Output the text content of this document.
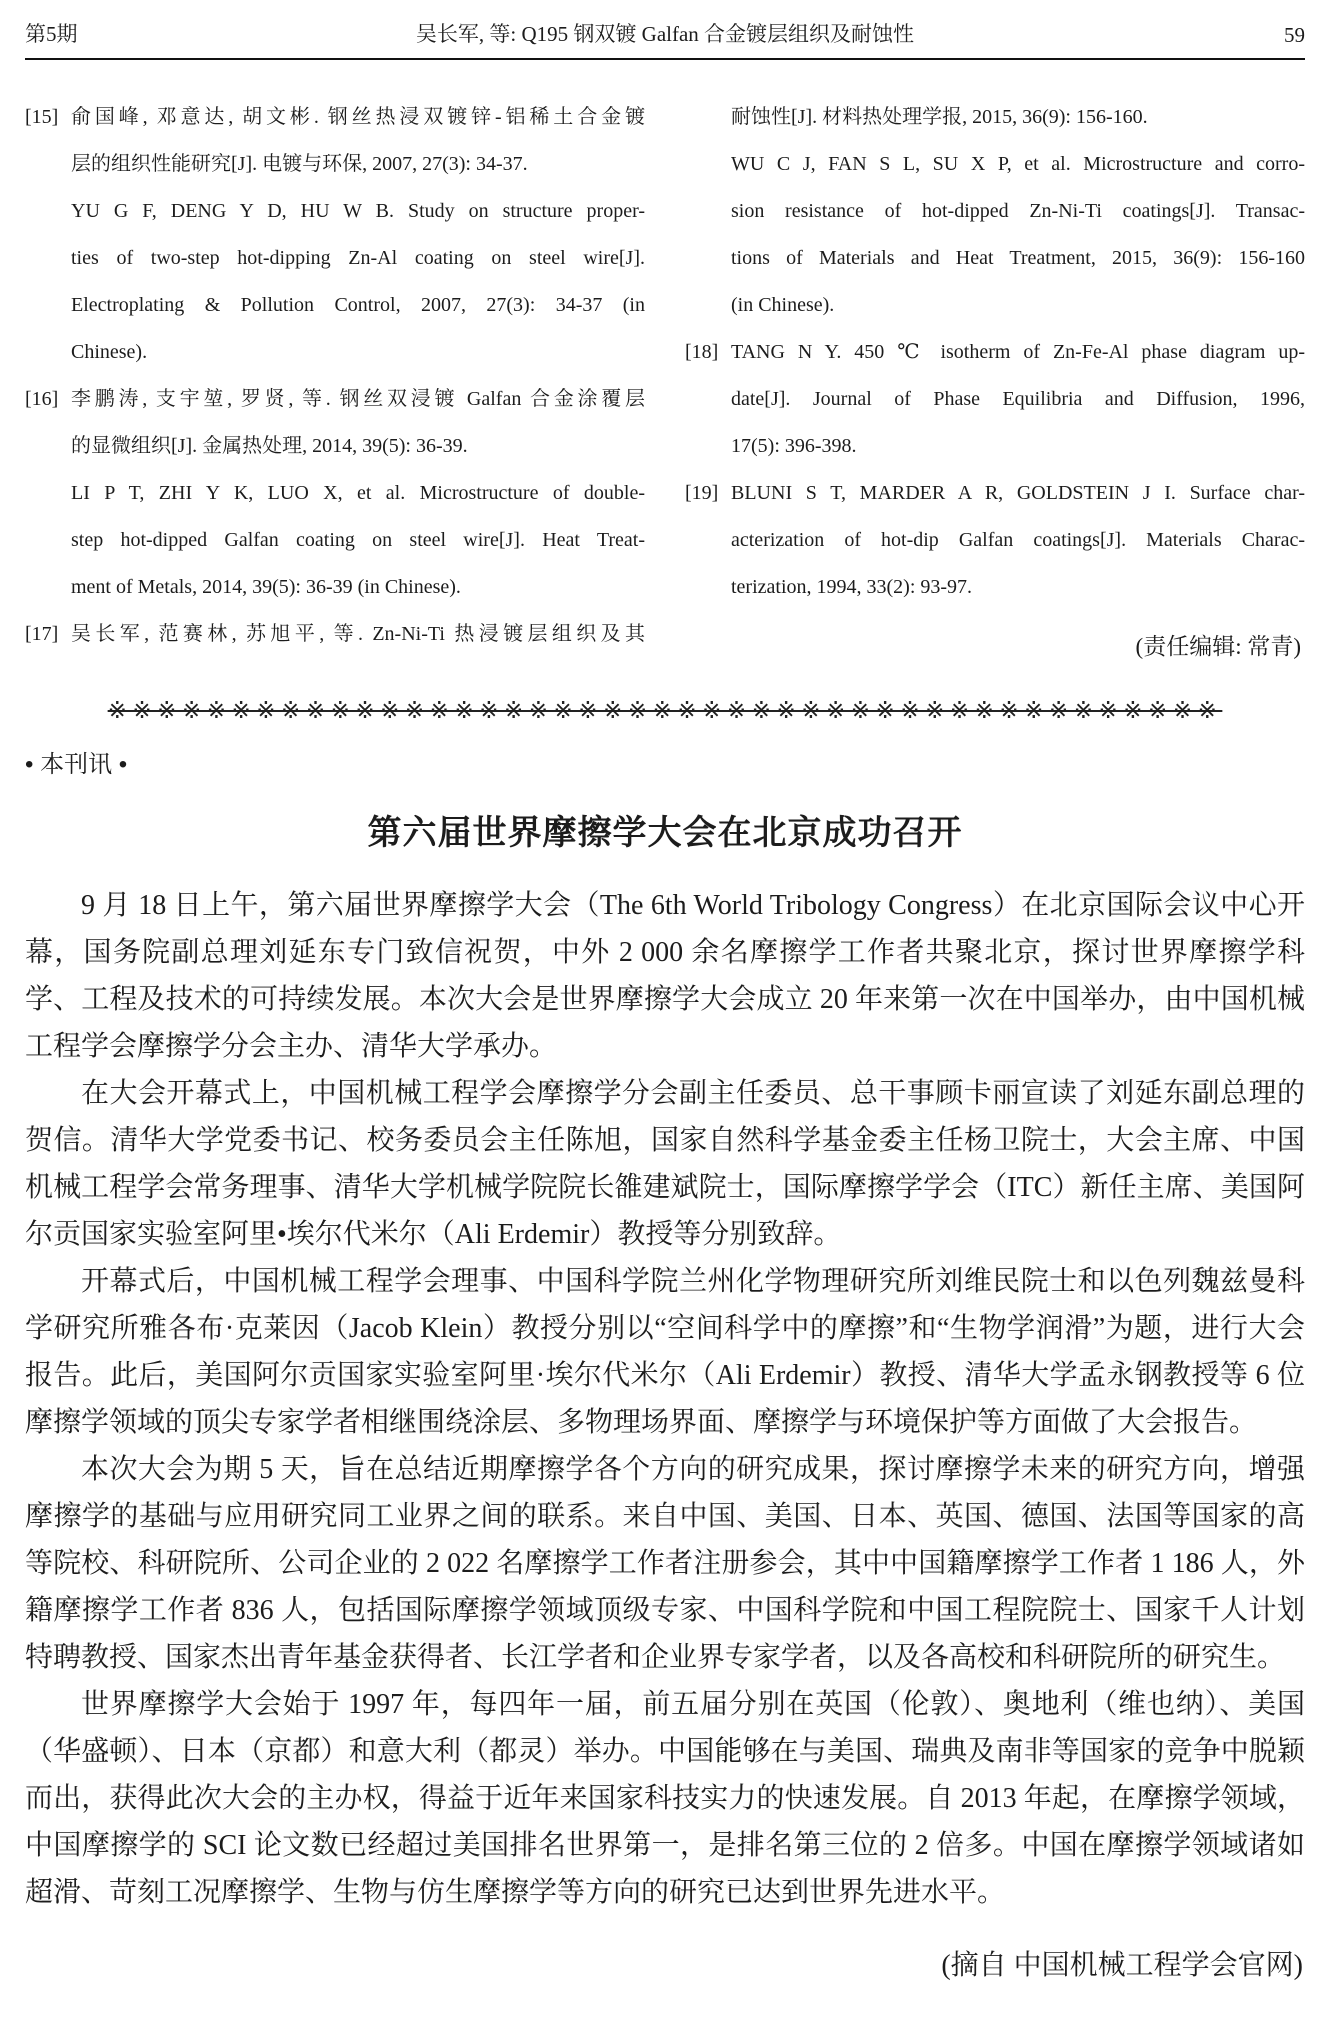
第5期	吴长军, 等: Q195 钢双镀 Galfan 合金镀层组织及耐蚀性	59
[15] 俞国峰, 邓意达, 胡文彬. 钢丝热浸双镀锌-铝稀土合金镀
层的组织性能研究[J]. 电镀与环保, 2007, 27(3): 34-37.
YU G F, DENG Y D, HU W B. Study on structure proper-
ties of two-step hot-dipping Zn-Al coating on steel wire[J].
Electroplating & Pollution Control, 2007, 27(3): 34-37 (in
Chinese).
[16] 李鹏涛, 支宇堃, 罗贤, 等. 钢丝双浸镀 Galfan 合金涂覆层
的显微组织[J]. 金属热处理, 2014, 39(5): 36-39.
LI P T, ZHI Y K, LUO X, et al. Microstructure of double-
step hot-dipped Galfan coating on steel wire[J]. Heat Treat-
ment of Metals, 2014, 39(5): 36-39 (in Chinese).
[17] 吴长军, 范赛林, 苏旭平, 等. Zn-Ni-Ti 热浸镀层组织及其
耐蚀性[J]. 材料热处理学报, 2015, 36(9): 156-160.
WU C J, FAN S L, SU X P, et al. Microstructure and corro-
sion resistance of hot-dipped Zn-Ni-Ti coatings[J]. Transac-
tions of Materials and Heat Treatment, 2015, 36(9): 156-160
(in Chinese).
[18] TANG N Y. 450 ℃ isotherm of Zn-Fe-Al phase diagram up-
date[J]. Journal of Phase Equilibria and Diffusion, 1996,
17(5): 396-398.
[19] BLUNI S T, MARDER A R, GOLDSTEIN J I. Surface char-
acterization of hot-dip Galfan coatings[J]. Materials Charac-
terization, 1994, 33(2): 93-97.
(责任编辑: 常青)
※※※※※※※※※※※※※※※※※※※※※※※※※※※※※※※※※※※※※※※※※※※※※
• 本刊讯 •
第六届世界摩擦学大会在北京成功召开

9 月 18 日上午，第六届世界摩擦学大会（The 6th World Tribology Congress）在北京国际会议中心开幕，国务院副总理刘延东专门致信祝贺，中外 2 000 余名摩擦学工作者共聚北京，探讨世界摩擦学科学、工程及技术的可持续发展。本次大会是世界摩擦学大会成立 20 年来第一次在中国举办，由中国机械工程学会摩擦学分会主办、清华大学承办。

在大会开幕式上，中国机械工程学会摩擦学分会副主任委员、总干事顾卡丽宣读了刘延东副总理的贺信。清华大学党委书记、校务委员会主任陈旭，国家自然科学基金委主任杨卫院士，大会主席、中国机械工程学会常务理事、清华大学机械学院院长雒建斌院士，国际摩擦学学会（ITC）新任主席、美国阿尔贡国家实验室阿里•埃尔代米尔（Ali Erdemir）教授等分别致辞。

开幕式后，中国机械工程学会理事、中国科学院兰州化学物理研究所刘维民院士和以色列魏兹曼科学研究所雅各布·克莱因（Jacob Klein）教授分别以“空间科学中的摩擦”和“生物学润滑”为题，进行大会报告。此后，美国阿尔贡国家实验室阿里·埃尔代米尔（Ali Erdemir）教授、清华大学孟永钢教授等 6 位摩擦学领域的顶尖专家学者相继围绕涂层、多物理场界面、摩擦学与环境保护等方面做了大会报告。

本次大会为期 5 天，旨在总结近期摩擦学各个方向的研究成果，探讨摩擦学未来的研究方向，增强摩擦学的基础与应用研究同工业界之间的联系。来自中国、美国、日本、英国、德国、法国等国家的高等院校、科研院所、公司企业的 2 022 名摩擦学工作者注册参会，其中中国籍摩擦学工作者 1 186 人，外籍摩擦学工作者 836 人，包括国际摩擦学领域顶级专家、中国科学院和中国工程院院士、国家千人计划特聘教授、国家杰出青年基金获得者、长江学者和企业界专家学者，以及各高校和科研院所的研究生。

世界摩擦学大会始于 1997 年，每四年一届，前五届分别在英国（伦敦）、奥地利（维也纳）、美国（华盛顿）、日本（京都）和意大利（都灵）举办。中国能够在与美国、瑞典及南非等国家的竞争中脱颖而出，获得此次大会的主办权，得益于近年来国家科技实力的快速发展。自 2013 年起，在摩擦学领域，中国摩擦学的 SCI 论文数已经超过美国排名世界第一，是排名第三位的 2 倍多。中国在摩擦学领域诸如超滑、苛刻工况摩擦学、生物与仿生摩擦学等方向的研究已达到世界先进水平。

(摘自 中国机械工程学会官网)
